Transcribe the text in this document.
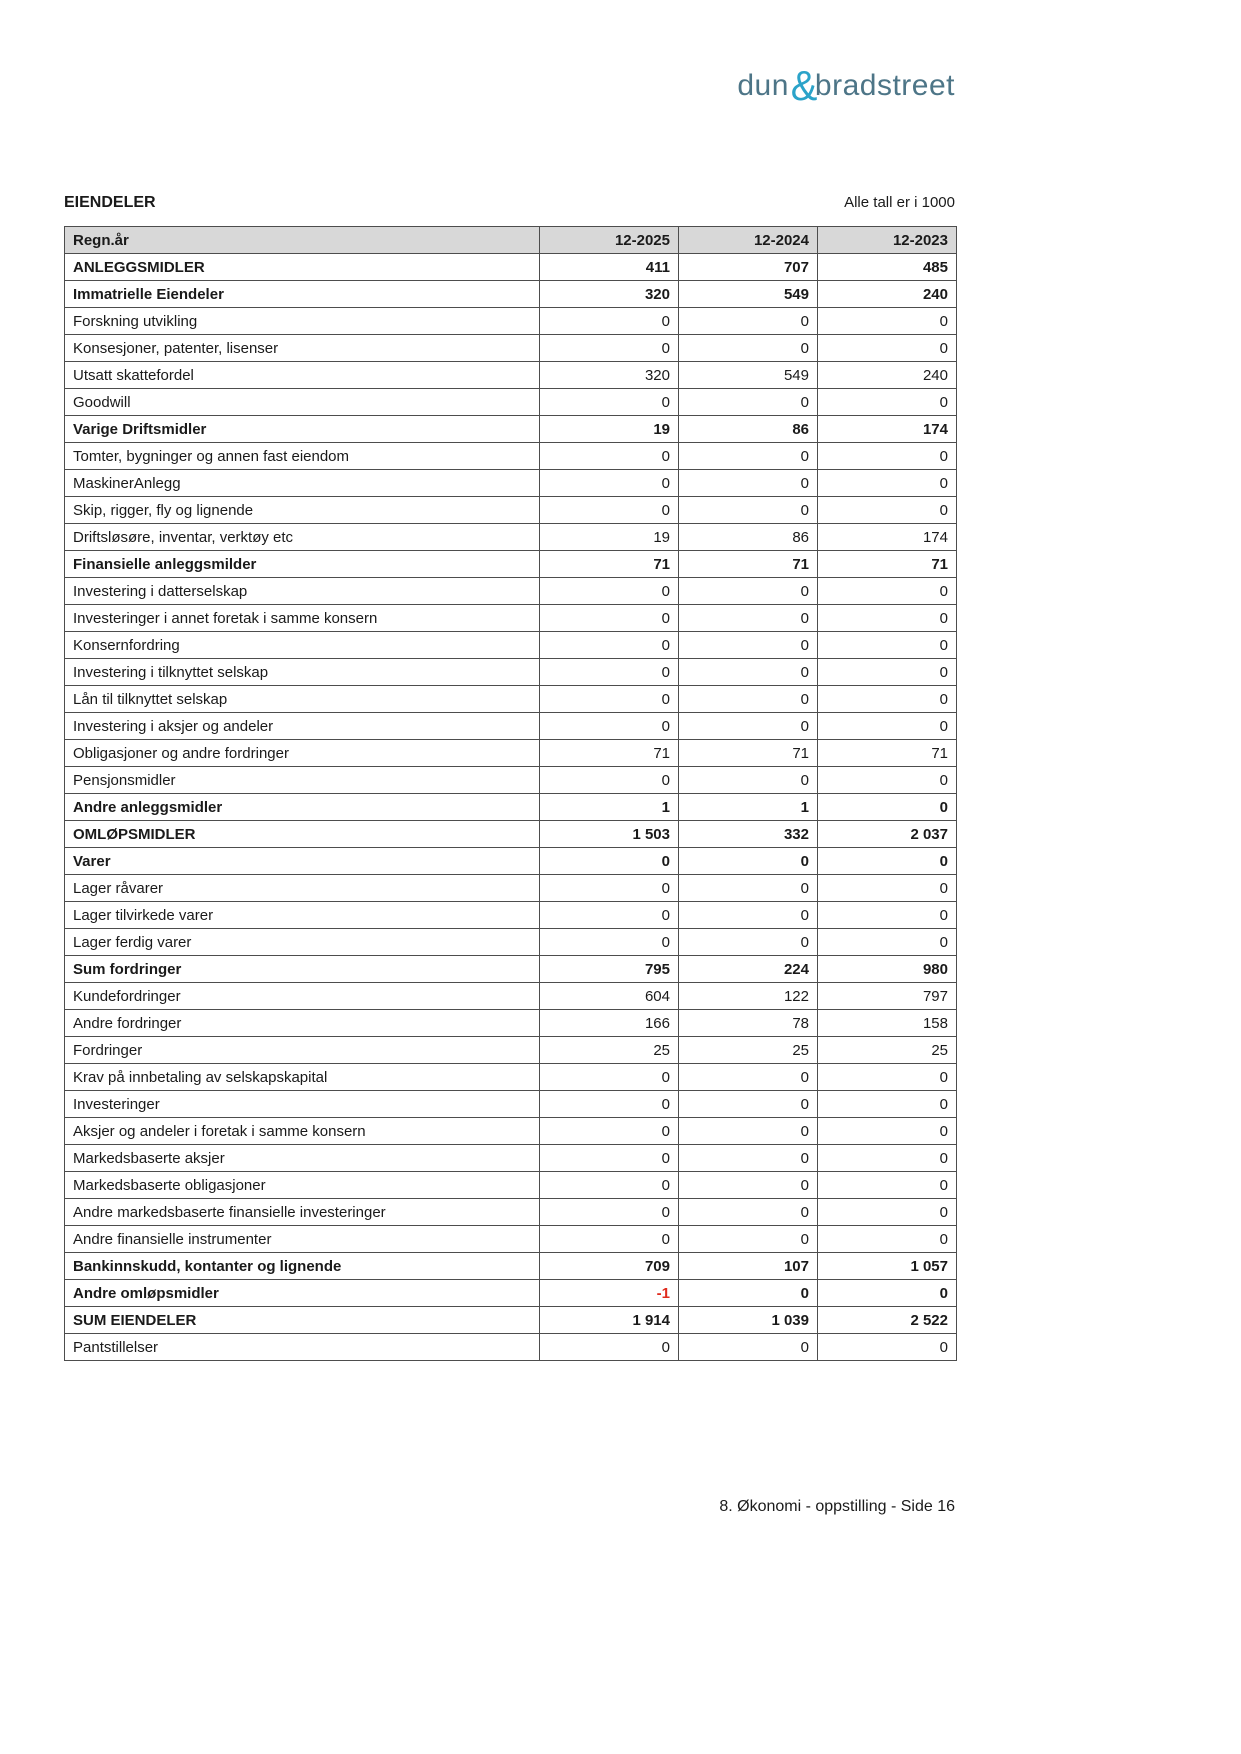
dun&bradstreet
EIENDELER	Alle tall er i 1000
Regn.år	12-2025	12-2024	12-2023
ANLEGGSMIDLER	411	707	485
Immatrielle Eiendeler	320	549	240
Forskning utvikling	0	0	0
Konsesjoner, patenter, lisenser	0	0	0
Utsatt skattefordel	320	549	240
Goodwill	0	0	0
Varige Driftsmidler	19	86	174
Tomter, bygninger og annen fast eiendom	0	0	0
MaskinerAnlegg	0	0	0
Skip, rigger, fly og lignende	0	0	0
Driftsløsøre, inventar, verktøy etc	19	86	174
Finansielle anleggsmilder	71	71	71
Investering i datterselskap	0	0	0
Investeringer i annet foretak i samme konsern	0	0	0
Konsernfordring	0	0	0
Investering i tilknyttet selskap	0	0	0
Lån til tilknyttet selskap	0	0	0
Investering i aksjer og andeler	0	0	0
Obligasjoner og andre fordringer	71	71	71
Pensjonsmidler	0	0	0
Andre anleggsmidler	1	1	0
OMLØPSMIDLER	1 503	332	2 037
Varer	0	0	0
Lager råvarer	0	0	0
Lager tilvirkede varer	0	0	0
Lager ferdig varer	0	0	0
Sum fordringer	795	224	980
Kundefordringer	604	122	797
Andre fordringer	166	78	158
Fordringer	25	25	25
Krav på innbetaling av selskapskapital	0	0	0
Investeringer	0	0	0
Aksjer og andeler i foretak i samme konsern	0	0	0
Markedsbaserte aksjer	0	0	0
Markedsbaserte obligasjoner	0	0	0
Andre markedsbaserte finansielle investeringer	0	0	0
Andre finansielle instrumenter	0	0	0
Bankinnskudd, kontanter og lignende	709	107	1 057
Andre omløpsmidler	-1	0	0
SUM EIENDELER	1 914	1 039	2 522
Pantstillelser	0	0	0
8. Økonomi - oppstilling - Side 16
